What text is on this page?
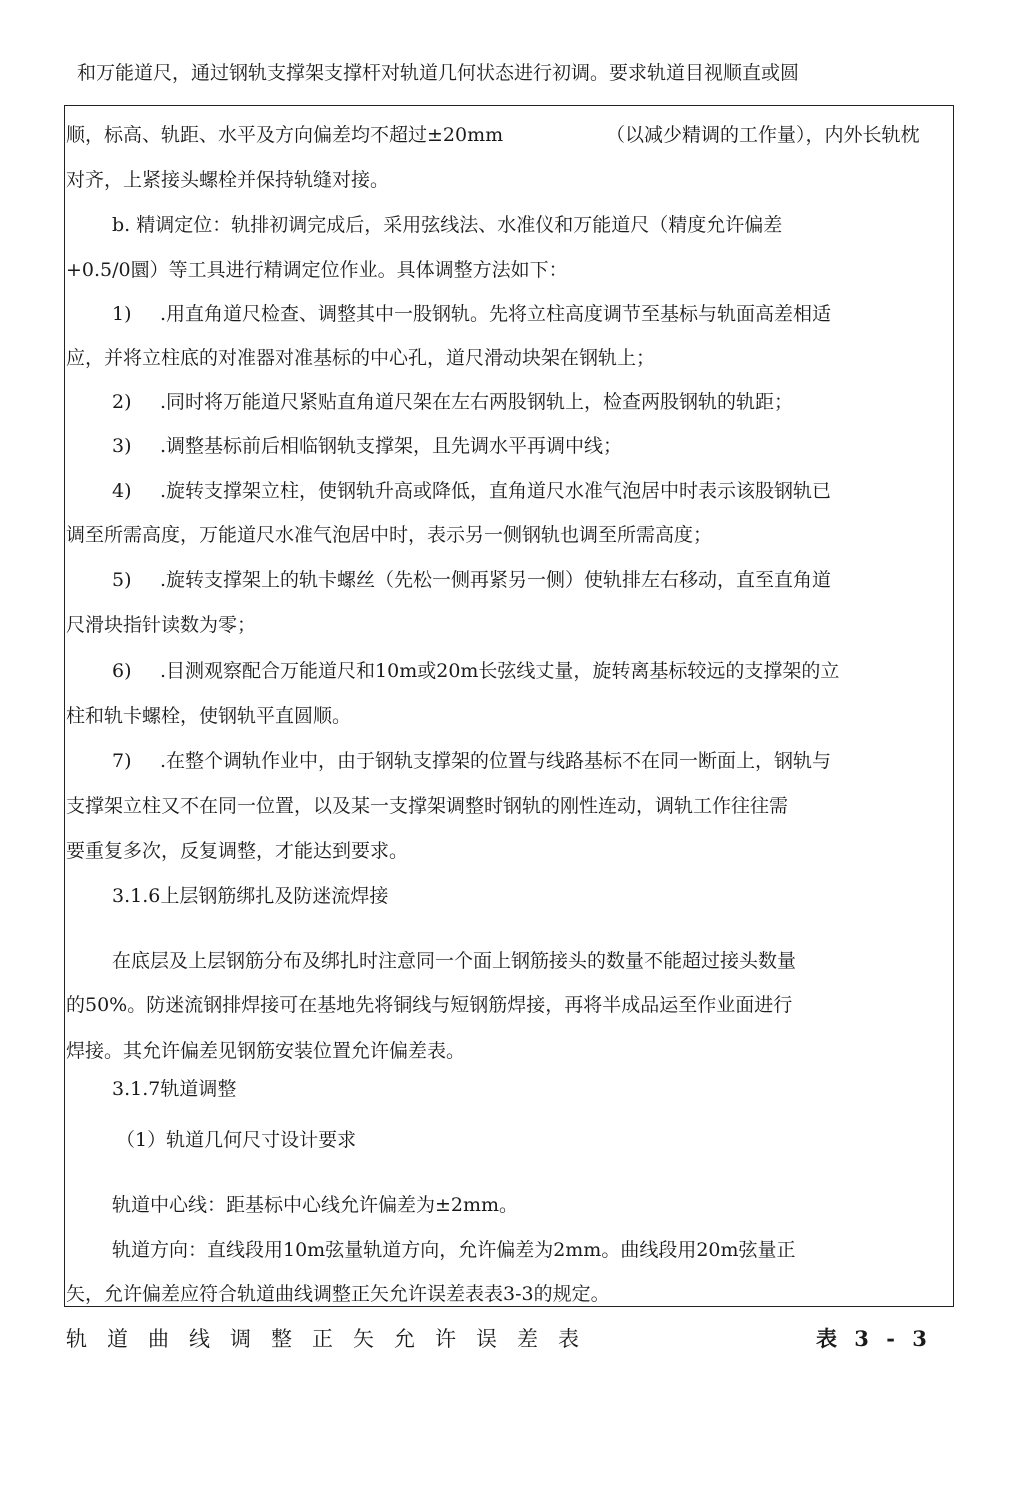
和万能道尺，通过钢轨支撑架支撑杆对轨道几何状态进行初调。要求轨道目视顺直或圆
顺，标高、轨距、水平及方向偏差均不超过±20mm	（以减少精调的工作量），内外长轨枕
对齐，上紧接头螺栓并保持轨缝对接。
b. 精调定位：轨排初调完成后，采用弦线法、水准仪和万能道尺（精度允许偏差
+0.5/0圜）等工具进行精调定位作业。具体调整方法如下：
1) .用直角道尺检查、调整其中一股钢轨。先将立柱高度调节至基标与轨面高差相适
应，并将立柱底的对准器对准基标的中心孔，道尺滑动块架在钢轨上；
2) .同时将万能道尺紧贴直角道尺架在左右两股钢轨上，检查两股钢轨的轨距；
3) .调整基标前后相临钢轨支撑架，且先调水平再调中线；
4) .旋转支撑架立柱，使钢轨升高或降低，直角道尺水准气泡居中时表示该股钢轨已
调至所需高度，万能道尺水准气泡居中时，表示另一侧钢轨也调至所需高度；
5) .旋转支撑架上的轨卡螺丝（先松一侧再紧另一侧）使轨排左右移动，直至直角道
尺滑块指针读数为零；
6) .目测观察配合万能道尺和10m或20m长弦线丈量，旋转离基标较远的支撑架的立
柱和轨卡螺栓，使钢轨平直圆顺。
7) .在整个调轨作业中，由于钢轨支撑架的位置与线路基标不在同一断面上，钢轨与
支撑架立柱又不在同一位置，以及某一支撑架调整时钢轨的刚性连动，调轨工作往往需
要重复多次，反复调整，才能达到要求。
3.1.6上层钢筋绑扎及防迷流焊接
在底层及上层钢筋分布及绑扎时注意同一个面上钢筋接头的数量不能超过接头数量
的50%。防迷流钢排焊接可在基地先将铜线与短钢筋焊接，再将半成品运至作业面进行
焊接。其允许偏差见钢筋安装位置允许偏差表。
3.1.7轨道调整
（1）轨道几何尺寸设计要求
轨道中心线：距基标中心线允许偏差为±2mm。
轨道方向：直线段用10m弦量轨道方向，允许偏差为2mm。曲线段用20m弦量正
矢，允许偏差应符合轨道曲线调整正矢允许误差表表3-3的规定。
轨道曲线调整正矢允许误差表	表 3 - 3
